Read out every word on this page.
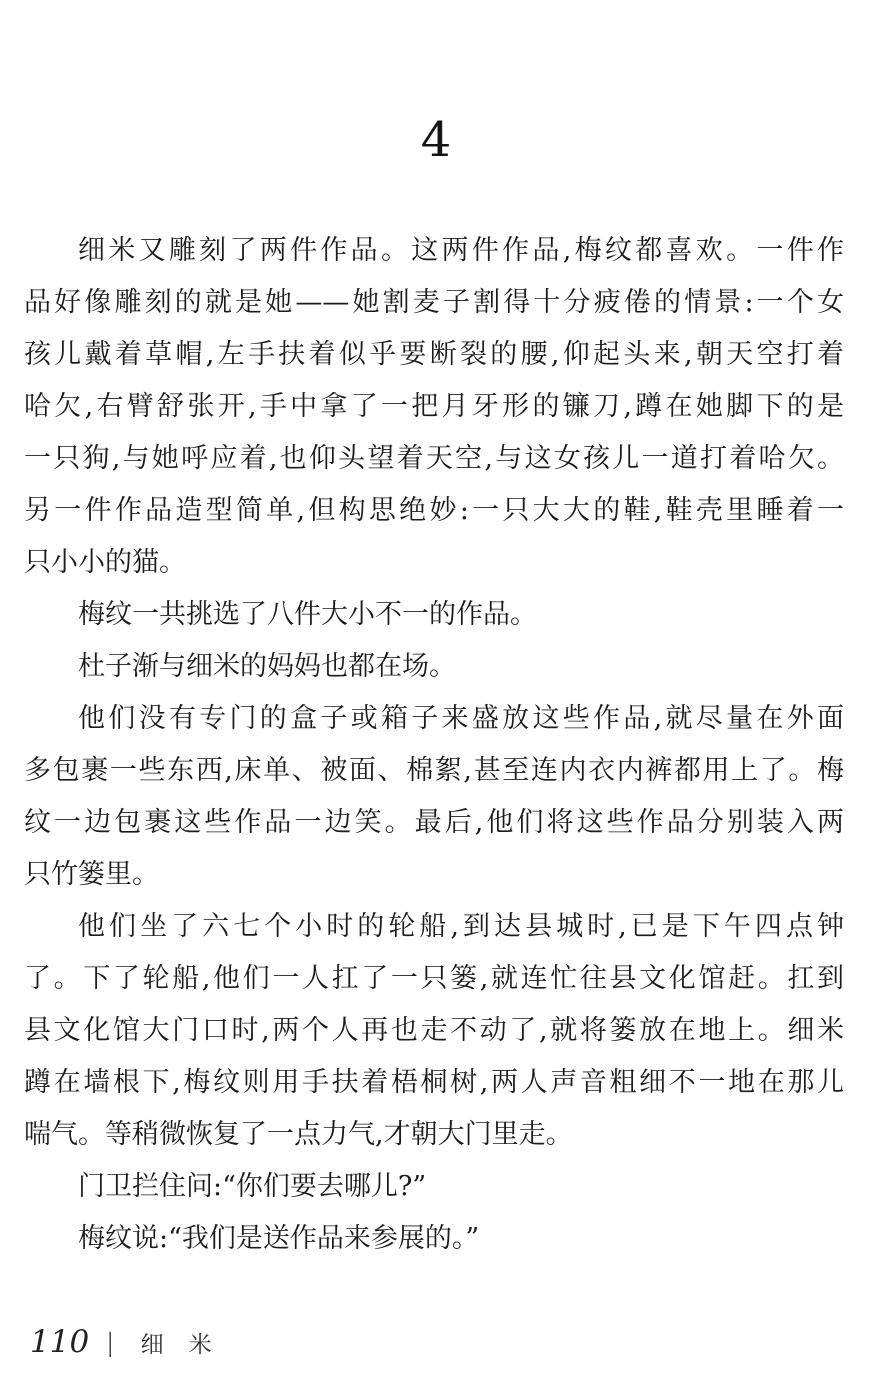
4
细米又雕刻了两件作品。这两件作品,梅纹都喜欢。一件作
品好像雕刻的就是她——她割麦子割得十分疲倦的情景:一个女
孩儿戴着草帽,左手扶着似乎要断裂的腰,仰起头来,朝天空打着
哈欠,右臂舒张开,手中拿了一把月牙形的镰刀,蹲在她脚下的是
一只狗,与她呼应着,也仰头望着天空,与这女孩儿一道打着哈欠。
另一件作品造型简单,但构思绝妙:一只大大的鞋,鞋壳里睡着一
只小小的猫。
梅纹一共挑选了八件大小不一的作品。
杜子渐与细米的妈妈也都在场。
他们没有专门的盒子或箱子来盛放这些作品,就尽量在外面
多包裹一些东西,床单、被面、棉絮,甚至连内衣内裤都用上了。梅
纹一边包裹这些作品一边笑。最后,他们将这些作品分别装入两
只竹篓里。
他们坐了六七个小时的轮船,到达县城时,已是下午四点钟
了。下了轮船,他们一人扛了一只篓,就连忙往县文化馆赶。扛到
县文化馆大门口时,两个人再也走不动了,就将篓放在地上。细米
蹲在墙根下,梅纹则用手扶着梧桐树,两人声音粗细不一地在那儿
喘气。等稍微恢复了一点力气,才朝大门里走。
门卫拦住问:“你们要去哪儿?”
梅纹说:“我们是送作品来参展的。”
110 | 细米
